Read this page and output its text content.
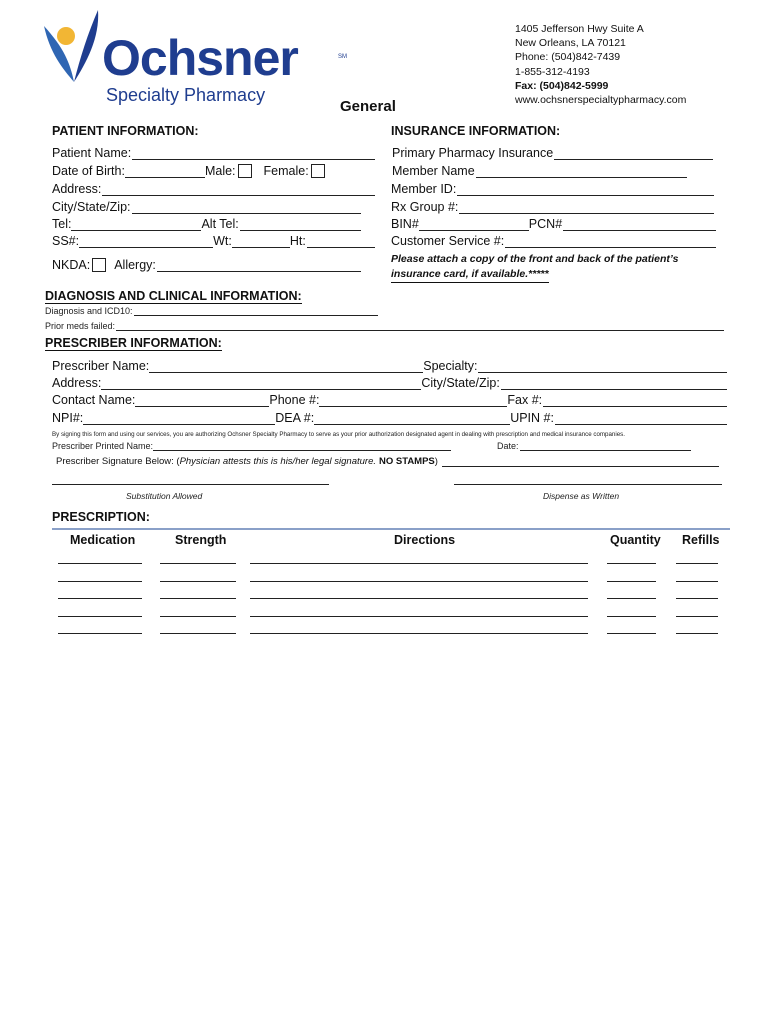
Ochsner	SM
Specialty Pharmacy
1405 Jefferson Hwy Suite A
New Orleans, LA 70121
Phone: (504)842-7439
1-855-312-4193
Fax: (504)842-5999
www.ochsnerspecialtypharmacy.com
General
PATIENT INFORMATION:
Patient Name:
Date of Birth:	Male: Female:
Address:
City/State/Zip:
Tel:	Alt Tel:
SS#:	Wt:	Ht:
NKDA: Allergy:
INSURANCE INFORMATION:
Primary Pharmacy Insurance
Member Name
Member ID:
Rx Group #:
BIN#	PCN#
Customer Service #:
Please attach a copy of the front and back of the patient’s
insurance card, if available.*****
DIAGNOSIS AND CLINICAL INFORMATION:
Diagnosis and ICD10:
Prior meds failed:
PRESCRIBER INFORMATION:
Prescriber Name:	Specialty:
Address:	City/State/Zip:
Contact Name:	Phone #:	Fax #:
NPI#:	DEA #:	UPIN #:
By signing this form and using our services, you are authorizing Ochsner Specialty Pharmacy to serve as your prior authorization designated agent in dealing with prescription and medical insurance companies.
Prescriber Printed Name:	Date:
Prescriber Signature Below: ( Physician attests this is his/her legal signature. NO STAMPS )
Substitution Allowed	Dispense as Written
PRESCRIPTION:
Medication	Strength	Directions	Quantity Refills
